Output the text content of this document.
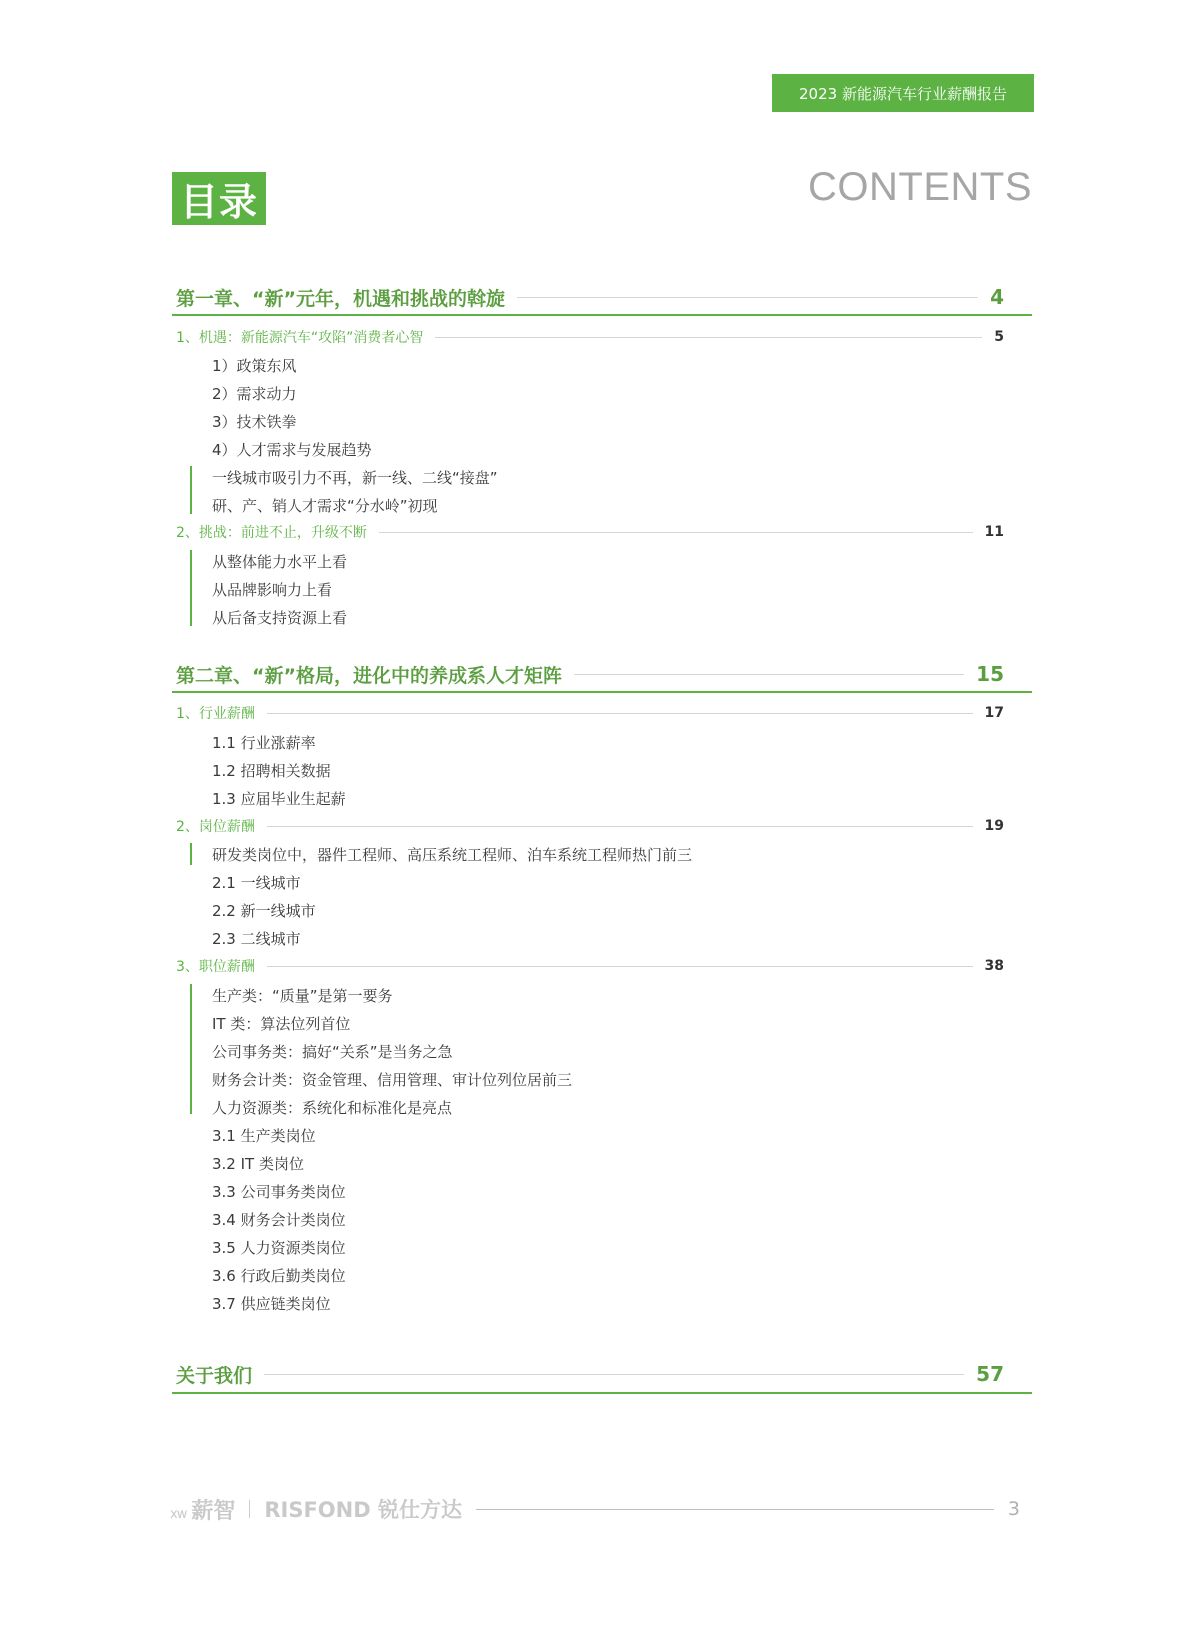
2023 新能源汽车行业薪酬报告
目录	CONTENTS
第一章、“新”元年，机遇和挑战的斡旋	4
1、机遇：新能源汽车“攻陷”消费者心智	5
1）政策东风
2）需求动力
3）技术铁拳
4）人才需求与发展趋势
一线城市吸引力不再，新一线、二线“接盘”
研、产、销人才需求“分水岭”初现
2、挑战：前进不止，升级不断	11
从整体能力水平上看
从品牌影响力上看
从后备支持资源上看
第二章、“新”格局，进化中的养成系人才矩阵	15
1、行业薪酬	17
1.1 行业涨薪率
1.2 招聘相关数据
1.3 应届毕业生起薪
2、岗位薪酬	19
研发类岗位中，器件工程师、高压系统工程师、泊车系统工程师热门前三
2.1 一线城市
2.2 新一线城市
2.3 二线城市
3、职位薪酬	38
生产类：“质量”是第一要务
IT 类：算法位列首位
公司事务类：搞好“关系”是当务之急
财务会计类：资金管理、信用管理、审计位列位居前三
人力资源类：系统化和标准化是亮点
3.1 生产类岗位
3.2 IT 类岗位
3.3 公司事务类岗位
3.4 财务会计类岗位
3.5 人力资源类岗位
3.6 行政后勤类岗位
3.7 供应链类岗位
关于我们	57
xw 薪智 RISFOND 锐仕方达	3
